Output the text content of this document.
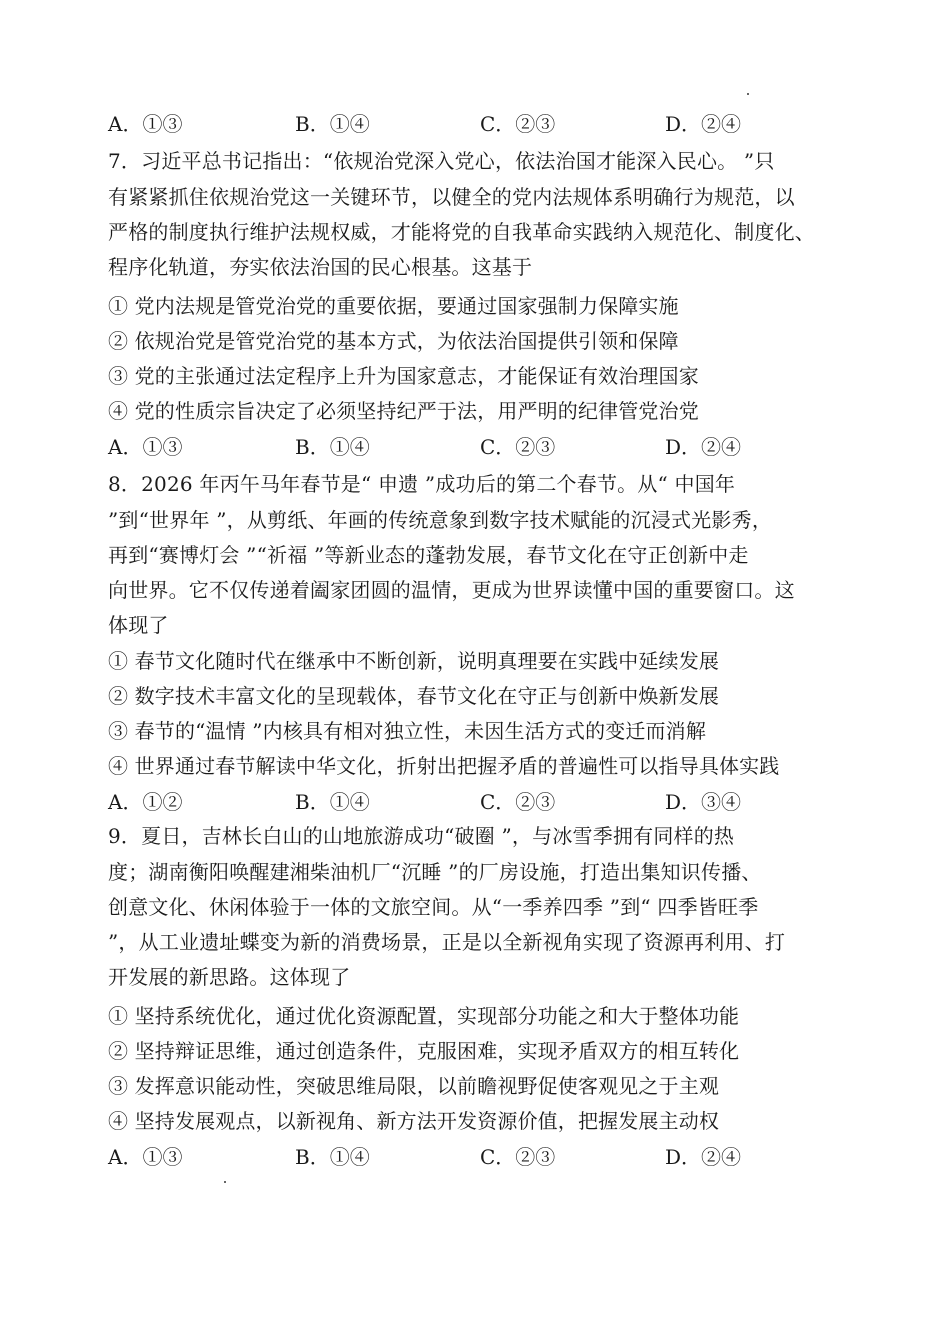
A．①③	B．①④	C．②③	D．②④
7．习近平总书记指出：“依规治党深入党心，依法治国才能深入民心。 ”只
有紧紧抓住依规治党这一关键环节，以健全的党内法规体系明确行为规范，以
严格的制度执行维护法规权威，才能将党的自我革命实践纳入规范化、制度化、
程序化轨道，夯实依法治国的民心根基。这基于
① 党内法规是管党治党的重要依据，要通过国家强制力保障实施
② 依规治党是管党治党的基本方式，为依法治国提供引领和保障
③ 党的主张通过法定程序上升为国家意志，才能保证有效治理国家
④ 党的性质宗旨决定了必须坚持纪严于法，用严明的纪律管党治党
A．①③	B．①④	C．②③	D．②④
8．2026 年丙午马年春节是“ 申遗 ”成功后的第二个春节。从“ 中国年
”到“世界年 ”，从剪纸、年画的传统意象到数字技术赋能的沉浸式光影秀，
再到“赛博灯会 ”“祈福 ”等新业态的蓬勃发展，春节文化在守正创新中走
向世界。它不仅传递着阖家团圆的温情，更成为世界读懂中国的重要窗口。这
体现了
① 春节文化随时代在继承中不断创新，说明真理要在实践中延续发展
② 数字技术丰富文化的呈现载体，春节文化在守正与创新中焕新发展
③ 春节的“温情 ”内核具有相对独立性，未因生活方式的变迁而消解
④ 世界通过春节解读中华文化，折射出把握矛盾的普遍性可以指导具体实践
A．①②	B．①④	C．②③	D．③④
9．夏日，吉林长白山的山地旅游成功“破圈 ”，与冰雪季拥有同样的热
度；湖南衡阳唤醒建湘柴油机厂“沉睡 ”的厂房设施，打造出集知识传播、
创意文化、休闲体验于一体的文旅空间。从“一季养四季 ”到“ 四季皆旺季
”，从工业遗址蝶变为新的消费场景，正是以全新视角实现了资源再利用、打
开发展的新思路。这体现了
① 坚持系统优化，通过优化资源配置，实现部分功能之和大于整体功能
② 坚持辩证思维，通过创造条件，克服困难，实现矛盾双方的相互转化
③ 发挥意识能动性，突破思维局限，以前瞻视野促使客观见之于主观
④ 坚持发展观点，以新视角、新方法开发资源价值，把握发展主动权
A．①③	B．①④	C．②③	D．②④
